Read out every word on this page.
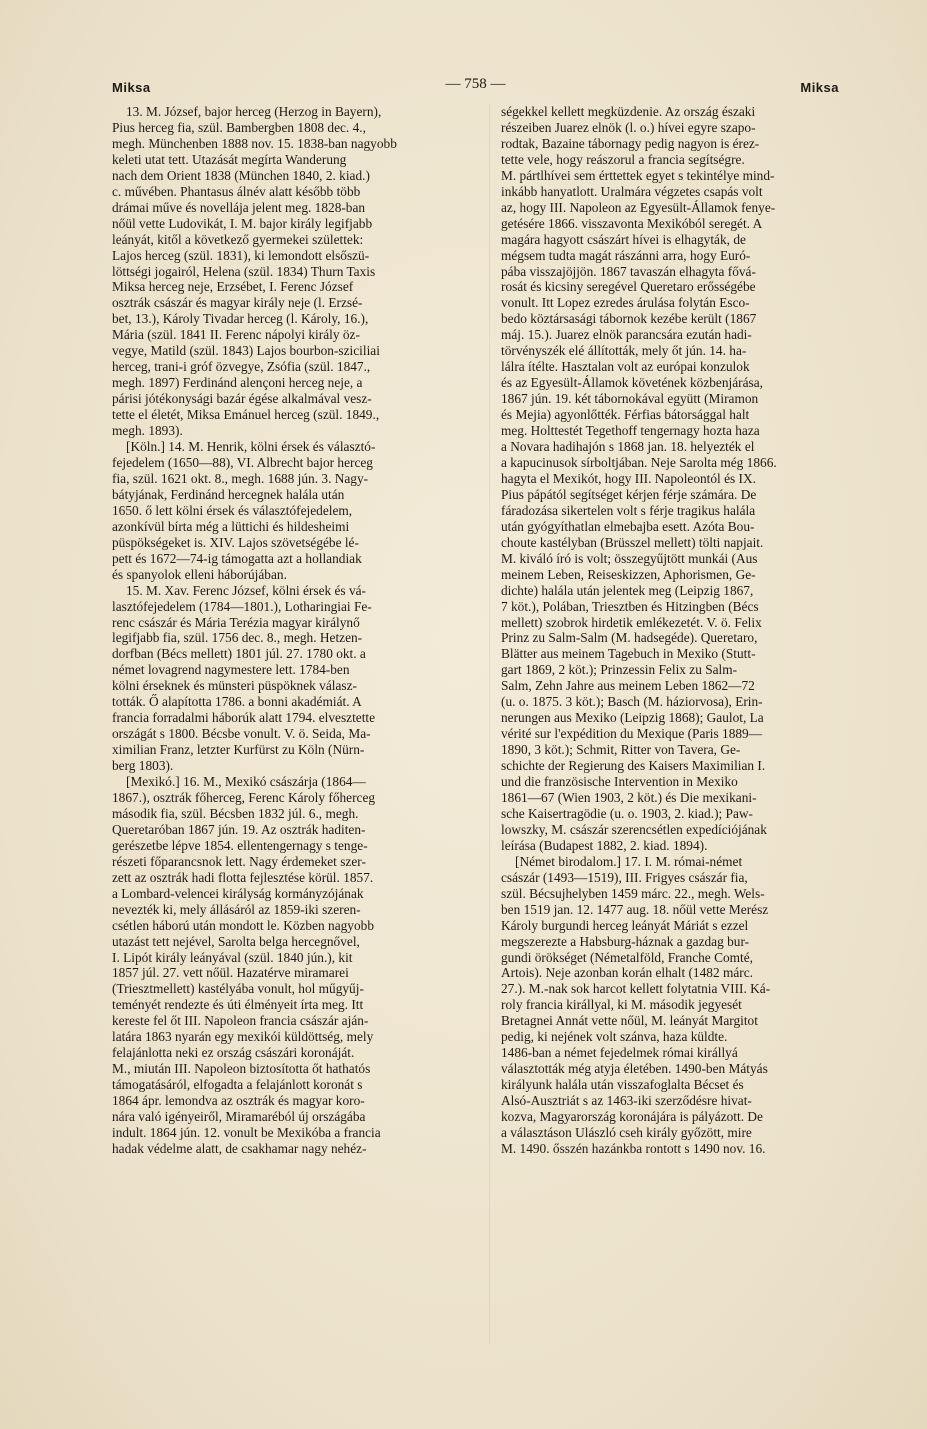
Miksa	— 758 —	Miksa
13. M. József, bajor herceg (Herzog in Bayern),
Pius herceg fia, szül. Bambergben 1808 dec. 4.,
megh. Münchenben 1888 nov. 15. 1838-ban nagyobb
keleti utat tett. Utazását megírta Wanderung
nach dem Orient 1838 (München 1840, 2. kiad.)
c. művében. Phantasus álnév alatt később több
drámai műve és novellája jelent meg. 1828-ban
nőül vette Ludovikát, I. M. bajor király legifjabb
leányát, kitől a következő gyermekei születtek:
Lajos herceg (szül. 1831), ki lemondott elsőszü-
löttségi jogairól, Helena (szül. 1834) Thurn Taxis
Miksa herceg neje, Erzsébet, I. Ferenc József
osztrák császár és magyar király neje (l. Erzsé-
bet, 13.), Károly Tivadar herceg (l. Károly, 16.),
Mária (szül. 1841 II. Ferenc nápolyi király öz-
vegye, Matild (szül. 1843) Lajos bourbon-sziciliai
herceg, trani-i gróf özvegye, Zsófia (szül. 1847.,
megh. 1897) Ferdinánd alençoni herceg neje, a
párisi jótékonysági bazár égése alkalmával vesz-
tette el életét, Miksa Emánuel herceg (szül. 1849.,
megh. 1893).
[Köln.] 14. M. Henrik, kölni érsek és választó-
fejedelem (1650—88), VI. Albrecht bajor herceg
fia, szül. 1621 okt. 8., megh. 1688 jún. 3. Nagy-
bátyjának, Ferdinánd hercegnek halála után
1650. ő lett kölni érsek és választófejedelem,
azonkívül bírta még a lüttichi és hildesheimi
püspökségeket is. XIV. Lajos szövetségébe lé-
pett és 1672—74-ig támogatta azt a hollandiak
és spanyolok elleni háborújában.
15. M. Xav. Ferenc József, kölni érsek és vá-
lasztófejedelem (1784—1801.), Lotharingiai Fe-
renc császár és Mária Terézia magyar királynő
legifjabb fia, szül. 1756 dec. 8., megh. Hetzen-
dorfban (Bécs mellett) 1801 júl. 27. 1780 okt. a
német lovagrend nagymestere lett. 1784-ben
kölni érseknek és münsteri püspöknek válasz-
tották. Ő alapította 1786. a bonni akadémiát. A
francia forradalmi háborúk alatt 1794. elvesztette
országát s 1800. Bécsbe vonult. V. ö. Seida, Ma-
ximilian Franz, letzter Kurfürst zu Köln (Nürn-
berg 1803).
[Mexikó.] 16. M., Mexikó császárja (1864—
1867.), osztrák főherceg, Ferenc Károly főherceg
második fia, szül. Bécsben 1832 júl. 6., megh.
Queretaróban 1867 jún. 19. Az osztrák haditen-
gerészetbe lépve 1854. ellentengernagy s tenge-
részeti főparancsnok lett. Nagy érdemeket szer-
zett az osztrák hadi flotta fejlesztése körül. 1857.
a Lombard-velencei királyság kormányzójának
nevezték ki, mely állásáról az 1859-iki szeren-
csétlen háború után mondott le. Közben nagyobb
utazást tett nejével, Sarolta belga hercegnővel,
I. Lipót király leányával (szül. 1840 jún.), kit
1857 júl. 27. vett nőül. Hazatérve miramarei
(Triesztmellett) kastélyába vonult, hol műgyűj-
teményét rendezte és úti élményeit írta meg. Itt
kereste fel őt III. Napoleon francia császár aján-
latára 1863 nyarán egy mexikói küldöttség, mely
felajánlotta neki ez ország császári koronáját.
M., miután III. Napoleon biztosította őt hathatós
támogatásáról, elfogadta a felajánlott koronát s
1864 ápr. lemondva az osztrák és magyar koro-
nára való igényeiről, Miramaréból új országába
indult. 1864 jún. 12. vonult be Mexikóba a francia
hadak védelme alatt, de csakhamar nagy nehéz-
ségekkel kellett megküzdenie. Az ország északi
részeiben Juarez elnök (l. o.) hívei egyre szapo-
rodtak, Bazaine tábornagy pedig nagyon is érez-
tette vele, hogy reászorul a francia segítségre.
M. pártlhívei sem érttettek egyet s tekintélye mind-
inkább hanyatlott. Uralmára végzetes csapás volt
az, hogy III. Napoleon az Egyesült-Államok fenye-
getésére 1866. visszavonta Mexikóból seregét. A
magára hagyott császárt hívei is elhagyták, de
mégsem tudta magát rászánni arra, hogy Euró-
pába visszajöjjön. 1867 tavaszán elhagyta fővá-
rosát és kicsiny seregével Queretaro erősségébe
vonult. Itt Lopez ezredes árulása folytán Esco-
bedo köztársasági tábornok kezébe került (1867
máj. 15.). Juarez elnök parancsára ezután hadi-
törvényszék elé állították, mely őt jún. 14. ha-
lálra ítélte. Hasztalan volt az európai konzulok
és az Egyesült-Államok követének közbenjárása,
1867 jún. 19. két tábornokával együtt (Miramon
és Mejia) agyonlőtték. Férfias bátorsággal halt
meg. Holttestét Tegethoff tengernagy hozta haza
a Novara hadihajón s 1868 jan. 18. helyezték el
a kapucinusok sírboltjában. Neje Sarolta még 1866.
hagyta el Mexikót, hogy III. Napoleontól és IX.
Pius pápától segítséget kérjen férje számára. De
fáradozása sikertelen volt s férje tragikus halála
után gyógyíthatlan elmebajba esett. Azóta Bou-
choute kastélyban (Brüsszel mellett) tölti napjait.
M. kiváló író is volt; összegyűjtött munkái (Aus
meinem Leben, Reiseskizzen, Aphorismen, Ge-
dichte) halála után jelentek meg (Leipzig 1867,
7 köt.), Polában, Triesztben és Hitzingben (Bécs
mellett) szobrok hirdetik emlékezetét. V. ö. Felix
Prinz zu Salm-Salm (M. hadsegéde). Queretaro,
Blätter aus meinem Tagebuch in Mexiko (Stutt-
gart 1869, 2 köt.); Prinzessin Felix zu Salm-
Salm, Zehn Jahre aus meinem Leben 1862—72
(u. o. 1875. 3 köt.); Basch (M. háziorvosa), Erin-
nerungen aus Mexiko (Leipzig 1868); Gaulot, La
vérité sur l'expédition du Mexique (Paris 1889—
1890, 3 köt.); Schmit, Ritter von Tavera, Ge-
schichte der Regierung des Kaisers Maximilian I.
und die französische Intervention in Mexiko
1861—67 (Wien 1903, 2 köt.) és Die mexikani-
sche Kaisertragödie (u. o. 1903, 2. kiad.); Paw-
lowszky, M. császár szerencsétlen expedíciójának
leírása (Budapest 1882, 2. kiad. 1894).
[Német birodalom.] 17. I. M. római-német
császár (1493—1519), III. Frigyes császár fia,
szül. Bécsujhelyben 1459 márc. 22., megh. Wels-
ben 1519 jan. 12. 1477 aug. 18. nőül vette Merész
Károly burgundi herceg leányát Máriát s ezzel
megszerezte a Habsburg-háznak a gazdag bur-
gundi örökséget (Németalföld, Franche Comté,
Artois). Neje azonban korán elhalt (1482 márc.
27.). M.-nak sok harcot kellett folytatnia VIII. Ká-
roly francia királlyal, ki M. második jegyesét
Bretagnei Annát vette nőül, M. leányát Margitot
pedig, ki nejének volt szánva, haza küldte.
1486-ban a német fejedelmek római királlyá
választották még atyja életében. 1490-ben Mátyás
királyunk halála után visszafoglalta Bécset és
Alsó-Ausztriát s az 1463-iki szerződésre hivat-
kozva, Magyarország koronájára is pályázott. De
a választáson Ulászló cseh király győzött, mire
M. 1490. ősszén hazánkba rontott s 1490 nov. 16.
